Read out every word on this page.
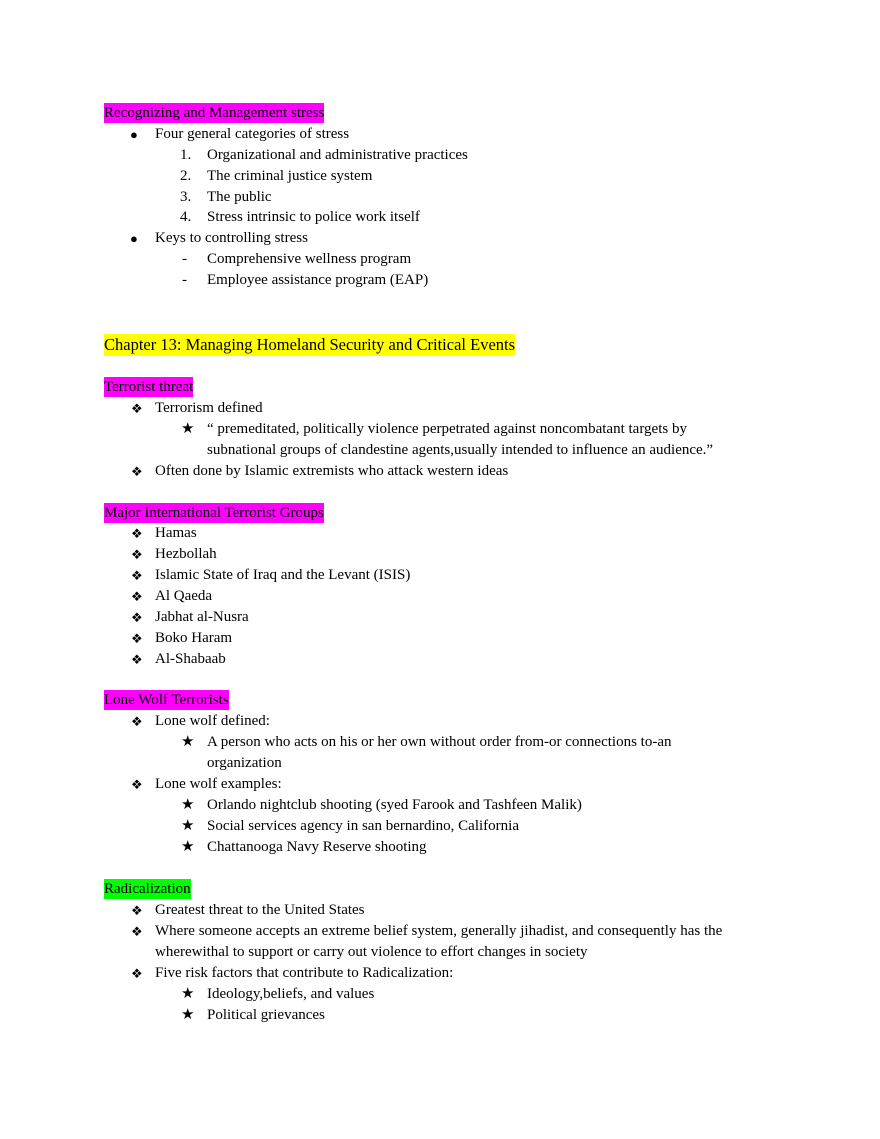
Recognizing and Management stress
● Four general categories of stress
1. Organizational and administrative practices
2. The criminal justice system
3. The public
4. Stress intrinsic to police work itself
● Keys to controlling stress
- Comprehensive wellness program
- Employee assistance program (EAP)
Chapter 13: Managing Homeland Security and Critical Events
Terrorist threat
❖ Terrorism defined
★ “ premeditated, politically violence perpetrated against noncombatant targets by
subnational groups of clandestine agents,usually intended to influence an audience.”
❖ Often done by Islamic extremists who attack western ideas
Major International Terrorist Groups
❖ Hamas
❖ Hezbollah
❖ Islamic State of Iraq and the Levant (ISIS)
❖ Al Qaeda
❖ Jabhat al-Nusra
❖ Boko Haram
❖ Al-Shabaab
Lone Wolf Terrorists
❖ Lone wolf defined:
★ A person who acts on his or her own without order from-or connections to-an
organization
❖ Lone wolf examples:
★ Orlando nightclub shooting (syed Farook and Tashfeen Malik)
★ Social services agency in san bernardino, California
★ Chattanooga Navy Reserve shooting
Radicalization
❖ Greatest threat to the United States
❖ Where someone accepts an extreme belief system, generally jihadist, and consequently has the
wherewithal to support or carry out violence to effort changes in society
❖ Five risk factors that contribute to Radicalization:
★ Ideology,beliefs, and values
★ Political grievances
